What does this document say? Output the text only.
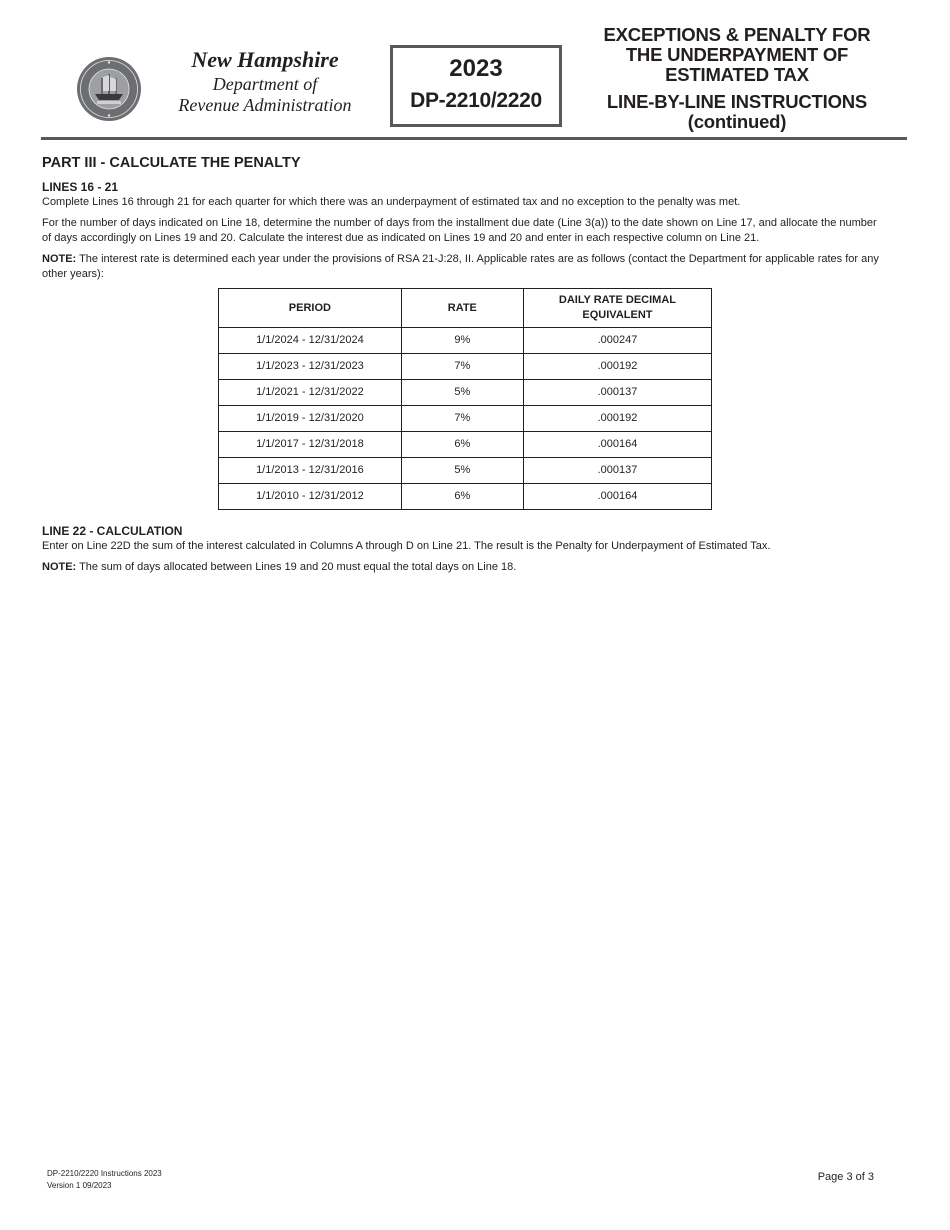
New Hampshire
Department of
Revenue Administration
2023
DP-2210/2220
EXCEPTIONS & PENALTY FOR
THE UNDERPAYMENT OF
ESTIMATED TAX
LINE-BY-LINE INSTRUCTIONS
(continued)
PART III - CALCULATE THE PENALTY
LINES 16 - 21

Complete Lines 16 through 21 for each quarter for which there was an underpayment of estimated tax and no exception to the penalty was met.

For the number of days indicated on Line 18, determine the number of days from the installment due date (Line 3(a)) to the date shown on Line 17, and allocate the number of days accordingly on Lines 19 and 20. Calculate the interest due as indicated on Lines 19 and 20 and enter in each respective column on Line 21.

NOTE: The interest rate is determined each year under the provisions of RSA 21-J:28, II. Applicable rates are as follows (contact the Department for applicable rates for any other years):

PERIOD	RATE	DAILY RATE DECIMAL EQUIVALENT
1/1/2024 - 12/31/2024	9%	.000247
1/1/2023 - 12/31/2023	7%	.000192
1/1/2021 - 12/31/2022	5%	.000137
1/1/2019 - 12/31/2020	7%	.000192
1/1/2017 - 12/31/2018	6%	.000164
1/1/2013 - 12/31/2016	5%	.000137
1/1/2010 - 12/31/2012	6%	.000164
LINE 22 - CALCULATION

Enter on Line 22D the sum of the interest calculated in Columns A through D on Line 21. The result is the Penalty for Underpayment of Estimated Tax.

NOTE: The sum of days allocated between Lines 19 and 20 must equal the total days on Line 18.

DP-2210/2220 Instructions 2023
Version 1 09/2023
Page 3 of 3
